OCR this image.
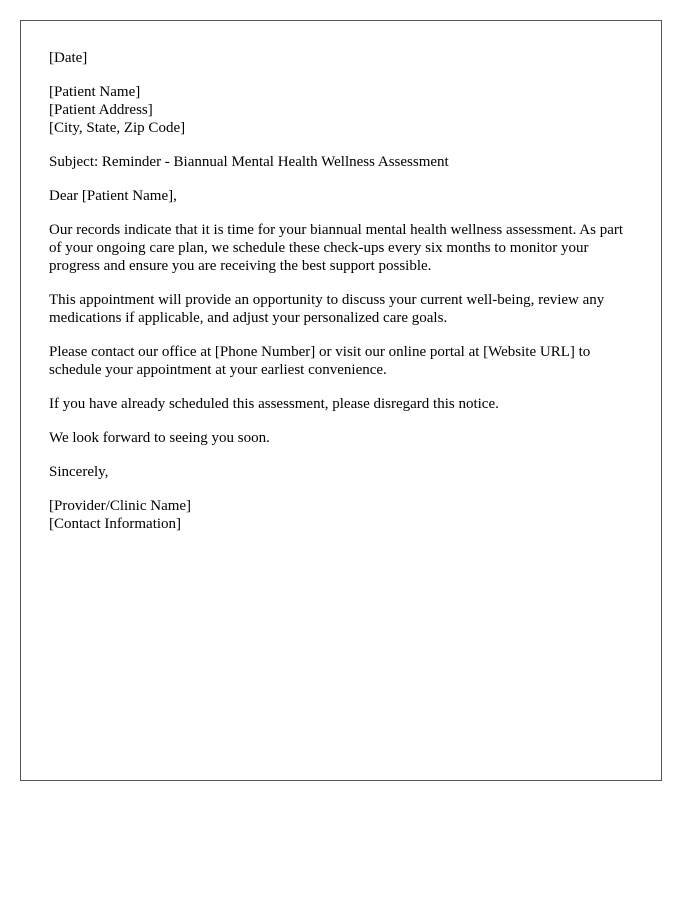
[Date]

[Patient Name]
[Patient Address]
[City, State, Zip Code]

Subject: Reminder - Biannual Mental Health Wellness Assessment

Dear [Patient Name],

Our records indicate that it is time for your biannual mental health wellness assessment. As part of your ongoing care plan, we schedule these check-ups every six months to monitor your progress and ensure you are receiving the best support possible.

This appointment will provide an opportunity to discuss your current well-being, review any medications if applicable, and adjust your personalized care goals.

Please contact our office at [Phone Number] or visit our online portal at [Website URL] to schedule your appointment at your earliest convenience.

If you have already scheduled this assessment, please disregard this notice.

We look forward to seeing you soon.

Sincerely,

[Provider/Clinic Name]
[Contact Information]
